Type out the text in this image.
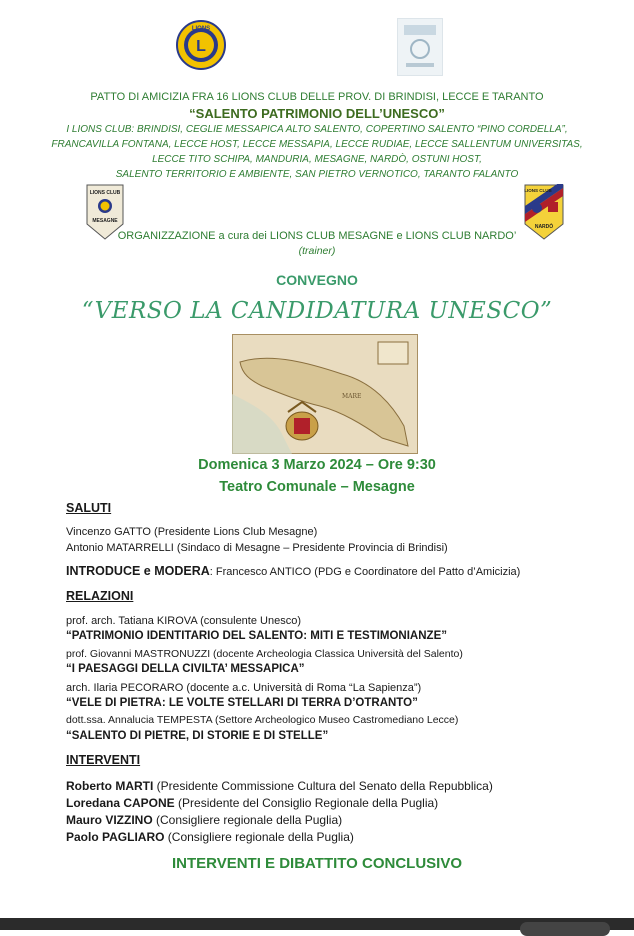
L
LIONS
PATTO DI AMICIZIA FRA 16 LIONS CLUB DELLE PROV. DI BRINDISI, LECCE E TARANTO
“SALENTO PATRIMONIO DELL’UNESCO”
I LIONS CLUB: BRINDISI, CEGLIE MESSAPICA ALTO SALENTO, COPERTINO SALENTO “PINO CORDELLA”,
FRANCAVILLA FONTANA, LECCE HOST, LECCE MESSAPIA, LECCE RUDIAE, LECCE SALLENTUM UNIVERSITAS,
LECCE TITO SCHIPA, MANDURIA, MESAGNE, NARDÒ, OSTUNI HOST,
SALENTO TERRITORIO E AMBIENTE, SAN PIETRO VERNOTICO, TARANTO FALANTO
LIONS CLUB
MESAGNE
LIONS CLUB
NARDÒ
ORGANIZZAZIONE a cura dei LIONS CLUB MESAGNE e LIONS CLUB NARDO’
(trainer)
CONVEGNO
“VERSO LA CANDIDATURA UNESCO”
MARE
Domenica 3 Marzo 2024 – Ore 9:30
Teatro Comunale – Mesagne
SALUTI
Vincenzo GATTO (Presidente Lions Club Mesagne)
Antonio MATARRELLI (Sindaco di Mesagne – Presidente Provincia di Brindisi)
INTRODUCE e MODERA: Francesco ANTICO (PDG e Coordinatore del Patto d’Amicizia)
RELAZIONI
prof. arch. Tatiana KIROVA (consulente Unesco)
“PATRIMONIO IDENTITARIO DEL SALENTO: MITI E TESTIMONIANZE”
prof. Giovanni MASTRONUZZI (docente Archeologia Classica Università del Salento)
“I PAESAGGI DELLA CIVILTA’ MESSAPICA”
arch. Ilaria PECORARO (docente a.c. Università di Roma “La Sapienza”)
“VELE DI PIETRA: LE VOLTE STELLARI DI TERRA D’OTRANTO”
dott.ssa. Annalucia TEMPESTA (Settore Archeologico Museo Castromediano Lecce)
“SALENTO DI PIETRE, DI STORIE E DI STELLE”
INTERVENTI
Roberto MARTI (Presidente Commissione Cultura del Senato della Repubblica)
Loredana CAPONE (Presidente del Consiglio Regionale della Puglia)
Mauro VIZZINO (Consigliere regionale della Puglia)
Paolo PAGLIARO (Consigliere regionale della Puglia)
INTERVENTI E DIBATTITO CONCLUSIVO
